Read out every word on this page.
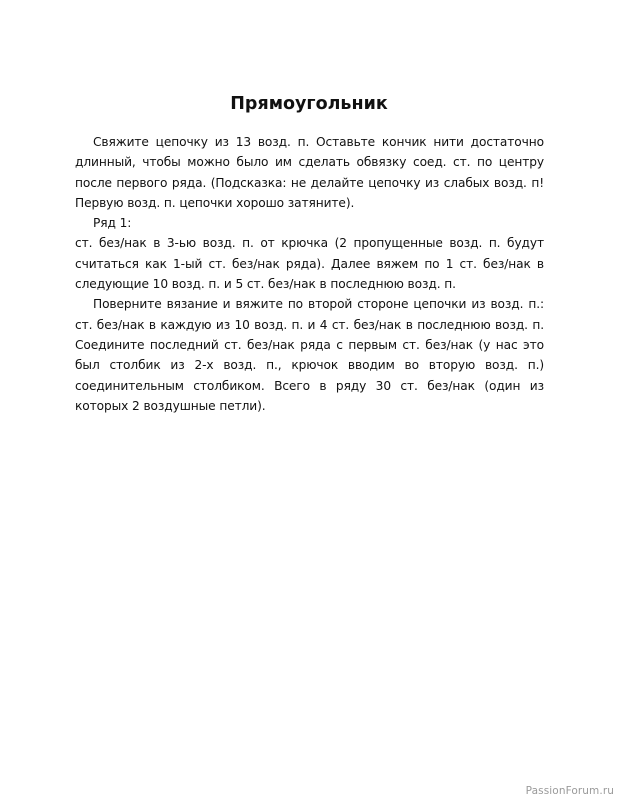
Прямоугольник

Свяжите цепочку из 13 возд. п. Оставьте кончик нити достаточно длинный, чтобы можно было им сделать обвязку соед. ст. по центру после первого ряда. (Подсказка: не делайте цепочку из слабых возд. п! Первую возд. п. цепочки хорошо затяните).

Ряд 1:

ст. без/нак в 3-ью возд. п. от крючка (2 пропущенные возд. п. будут считаться как 1-ый ст. без/нак ряда). Далее вяжем по 1 ст. без/нак в следующие 10 возд. п. и 5 ст. без/нак в последнюю возд. п.

Поверните вязание и вяжите по второй стороне цепочки из возд. п.: ст. без/нак в каждую из 10 возд. п. и 4 ст. без/нак в последнюю возд. п. Соедините последний ст. без/нак ряда с первым ст. без/нак (у нас это был столбик из 2-х возд. п., крючок вводим во вторую возд. п.) соединительным столбиком. Всего в ряду 30 ст. без/нак (один из которых 2 воздушные петли).

PassionForum.ru
